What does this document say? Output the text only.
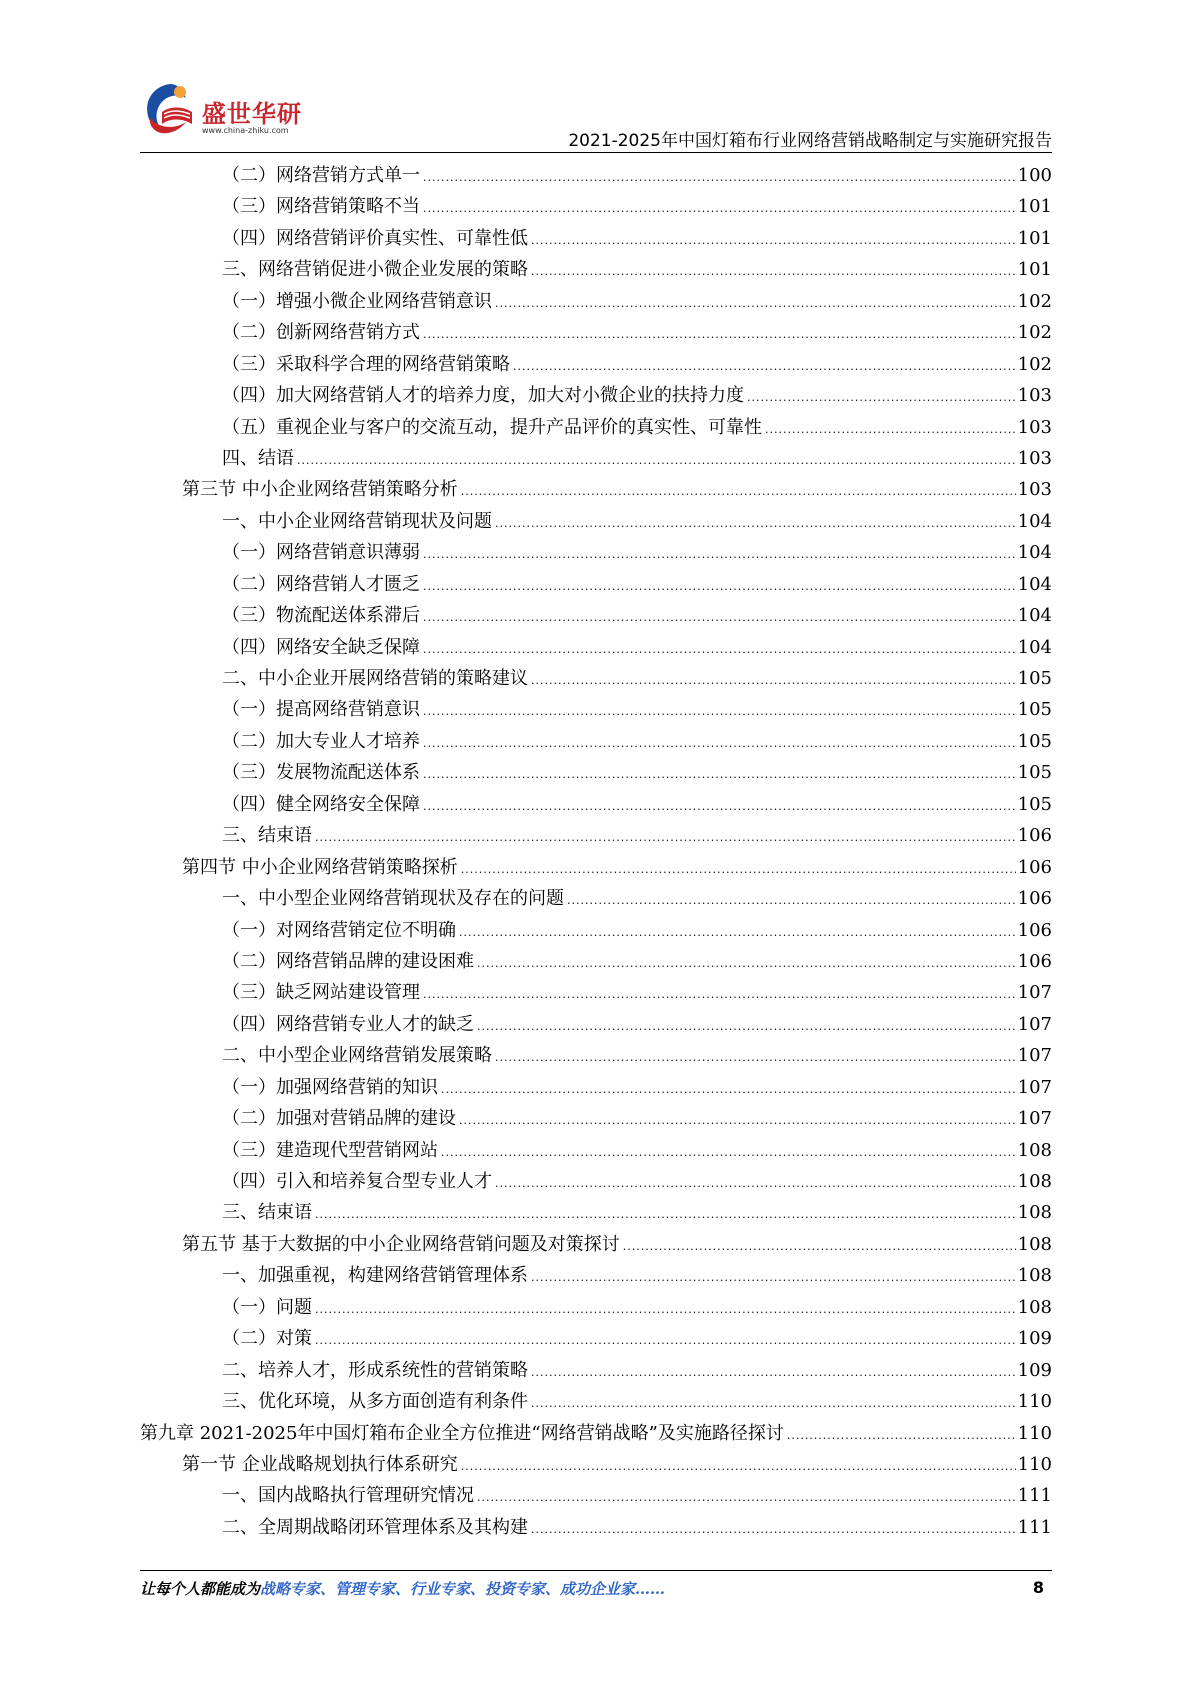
盛世华研
www.china-zhiku.com
2021-2025年中国灯箱布行业网络营销战略制定与实施研究报告
（二）网络营销方式单一 .....	100
（三）网络营销策略不当 .....	101
（四）网络营销评价真实性、可靠性低 .....	101
三、网络营销促进小微企业发展的策略 .....	101
（一）增强小微企业网络营销意识 .....	102
（二）创新网络营销方式 .....	102
（三）采取科学合理的网络营销策略 .....	102
（四）加大网络营销人才的培养力度，加大对小微企业的扶持力度 .....	103
（五）重视企业与客户的交流互动，提升产品评价的真实性、可靠性 .....	103
四、结语 .....	103
第三节 中小企业网络营销策略分析 .....	103
一、中小企业网络营销现状及问题 .....	104
（一）网络营销意识薄弱 .....	104
（二）网络营销人才匮乏 .....	104
（三）物流配送体系滞后 .....	104
（四）网络安全缺乏保障 .....	104
二、中小企业开展网络营销的策略建议 .....	105
（一）提高网络营销意识 .....	105
（二）加大专业人才培养 .....	105
（三）发展物流配送体系 .....	105
（四）健全网络安全保障 .....	105
三、结束语 .....	106
第四节 中小企业网络营销策略探析 .....	106
一、中小型企业网络营销现状及存在的问题 .....	106
（一）对网络营销定位不明确 .....	106
（二）网络营销品牌的建设困难 .....	106
（三）缺乏网站建设管理 .....	107
（四）网络营销专业人才的缺乏 .....	107
二、中小型企业网络营销发展策略 .....	107
（一）加强网络营销的知识 .....	107
（二）加强对营销品牌的建设 .....	107
（三）建造现代型营销网站 .....	108
（四）引入和培养复合型专业人才 .....	108
三、结束语 .....	108
第五节 基于大数据的中小企业网络营销问题及对策探讨 .....	108
一、加强重视，构建网络营销管理体系 .....	108
（一）问题 .....	108
（二）对策 .....	109
二、培养人才，形成系统性的营销策略 .....	109
三、优化环境，从多方面创造有利条件 .....	110
第九章 2021-2025年中国灯箱布企业全方位推进“网络营销战略”及实施路径探讨 .....	110
第一节 企业战略规划执行体系研究 .....	110
一、国内战略执行管理研究情况 .....	111
二、全周期战略闭环管理体系及其构建 .....	111
让每个人都能成为战略专家、管理专家、行业专家、投资专家、成功企业家……	8
